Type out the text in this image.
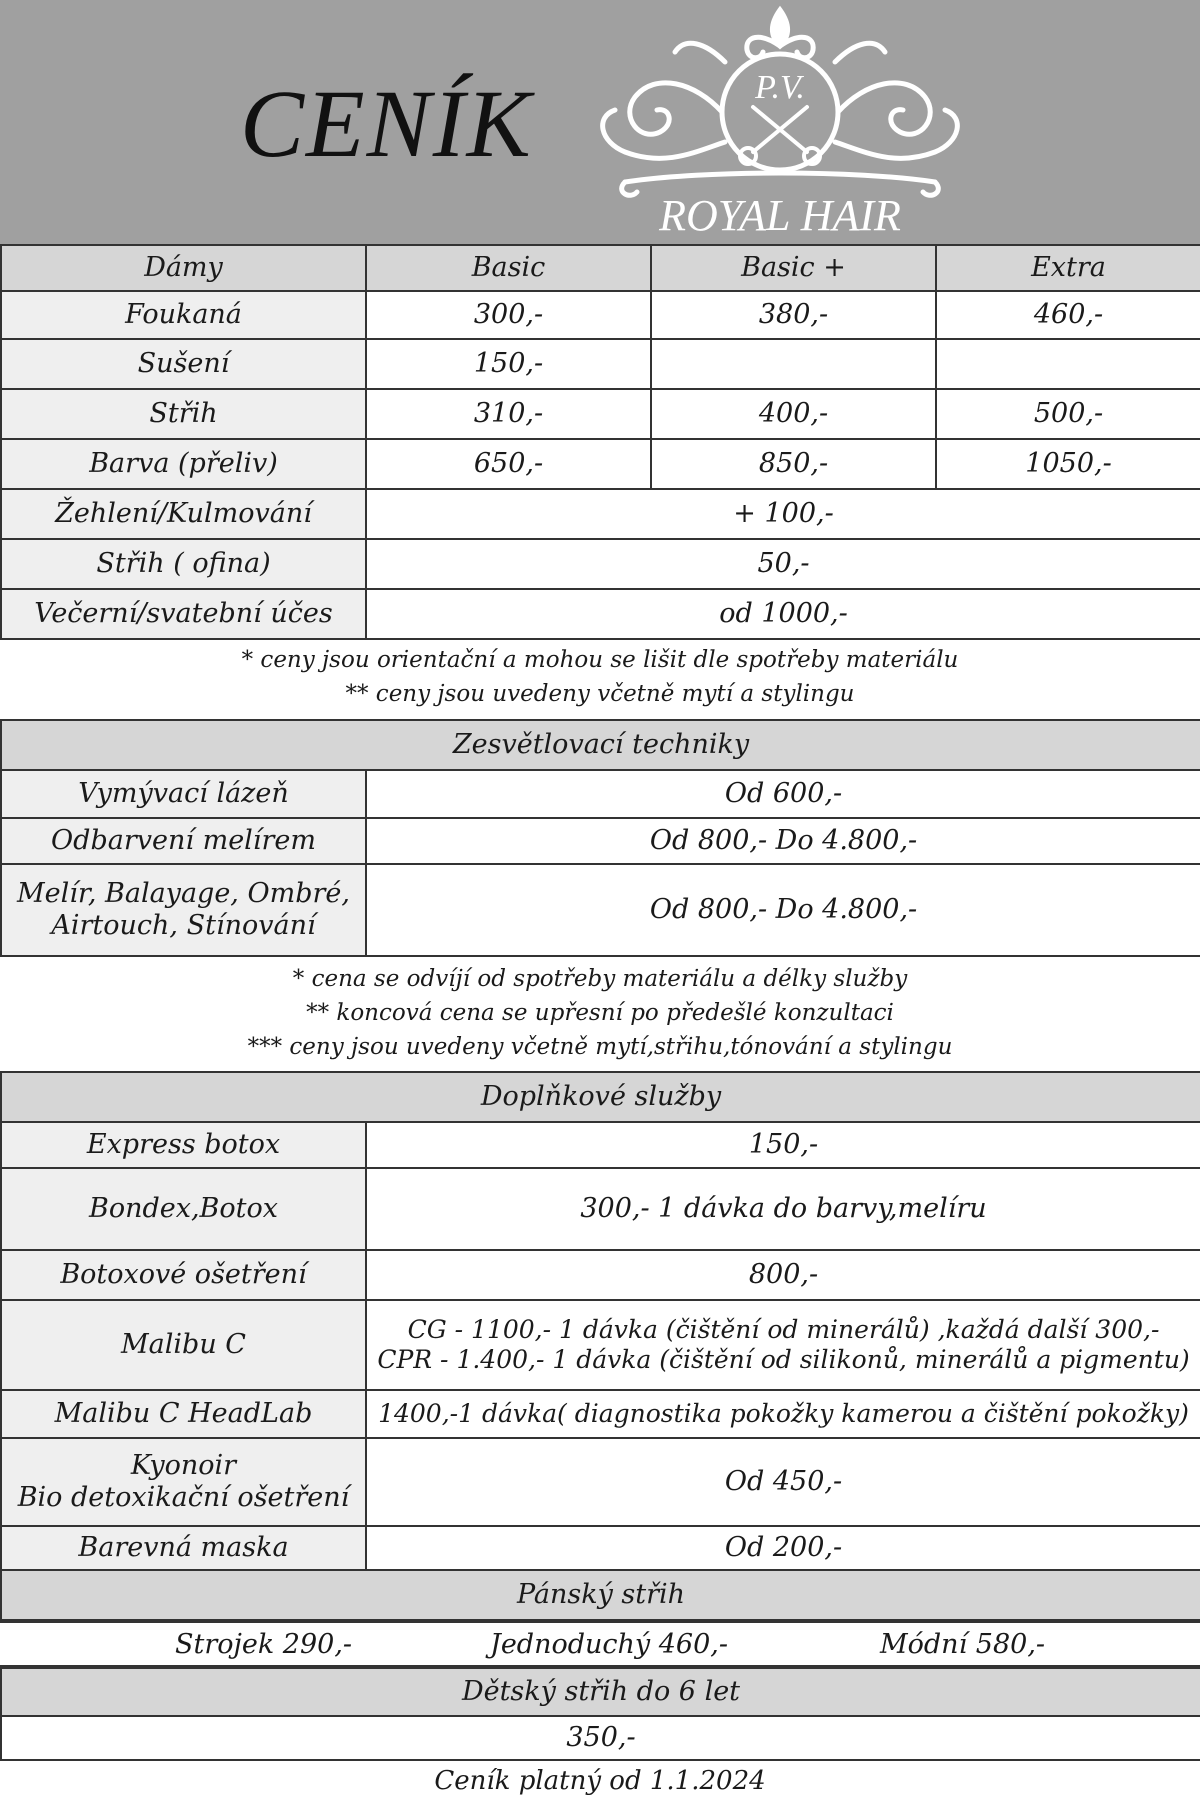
CENÍK	P.V.
ROYAL HAIR
Dámy	Basic	Basic +	Extra
Foukaná	300,-	380,-	460,-
Sušení	150,-		
Střih	310,-	400,-	500,-
Barva (přeliv)	650,-	850,-	1050,-
Žehlení/Kulmování	+ 100,-		
Střih ( ofina)	50,-		
Večerní/svatební účes	od 1000,-		
* ceny jsou orientační a mohou se lišit dle spotřeby materiálu
** ceny jsou uvedeny včetně mytí a stylingu
Zesvětlovací techniky	
Vymývací lázeň	Od 600,-
Odbarvení melírem	Od 800,- Do 4.800,-

Melír, Balayage, Ombré,
Airtouch, Stínování	Od 800,- Do 4.800,-
* cena se odvíjí od spotřeby materiálu a délky služby
** koncová cena se upřesní po předešlé konzultaci
*** ceny jsou uvedeny včetně mytí,střihu,tónování a stylingu
Doplňkové služby	
Express botox	150,-
Bondex,Botox	300,- 1 dávka do barvy,melíru
Botoxové ošetření	800,-
Malibu C	CG - 1100,- 1 dávka (čištění od minerálů) ,každá další 300,-
CPR - 1.400,- 1 dávka (čištění od silikonů, minerálů a pigmentu)

Malibu C HeadLab	1400,-1 dávka( diagnostika pokožky kamerou a čištění pokožky)

Kyonoir
Bio detoxikační ošetření	Od 450,-
Barevná maska	Od 200,-
Pánský střih	
Strojek 290,-	Jednoduchý 460,-	Módní 580,-
Dětský střih do 6 let
350,-
Ceník platný od 1.1.2024
